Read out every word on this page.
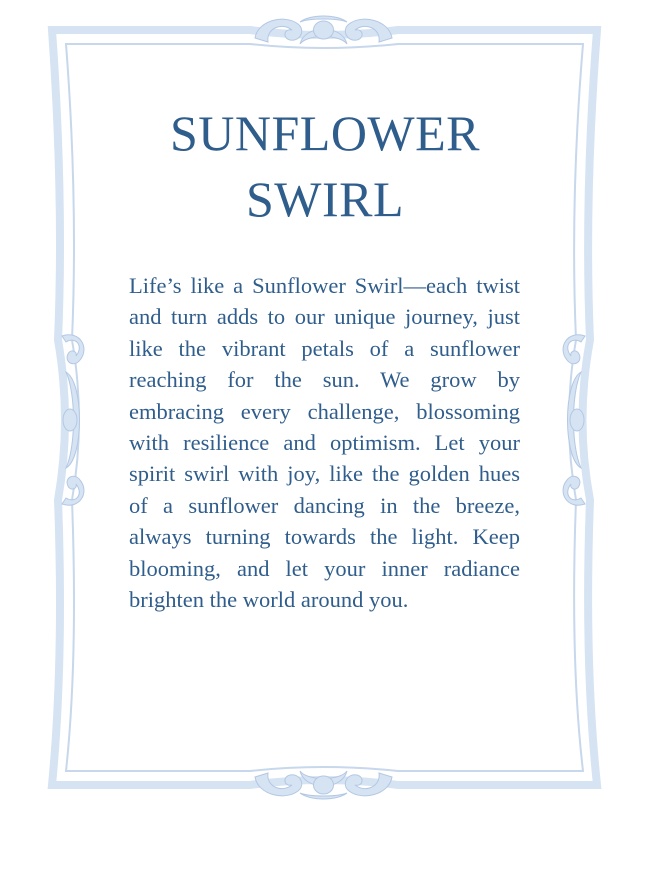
SUNFLOWER
SWIRL

Life’s like a Sunflower Swirl—each twist and turn adds to our unique journey, just like the vibrant petals of a sunflower reaching for the sun. We grow by embracing every challenge, blossoming with resilience and optimism. Let your spirit swirl with joy, like the golden hues of a sunflower dancing in the breeze, always turning towards the light. Keep blooming, and let your inner radiance brighten the world around you.
